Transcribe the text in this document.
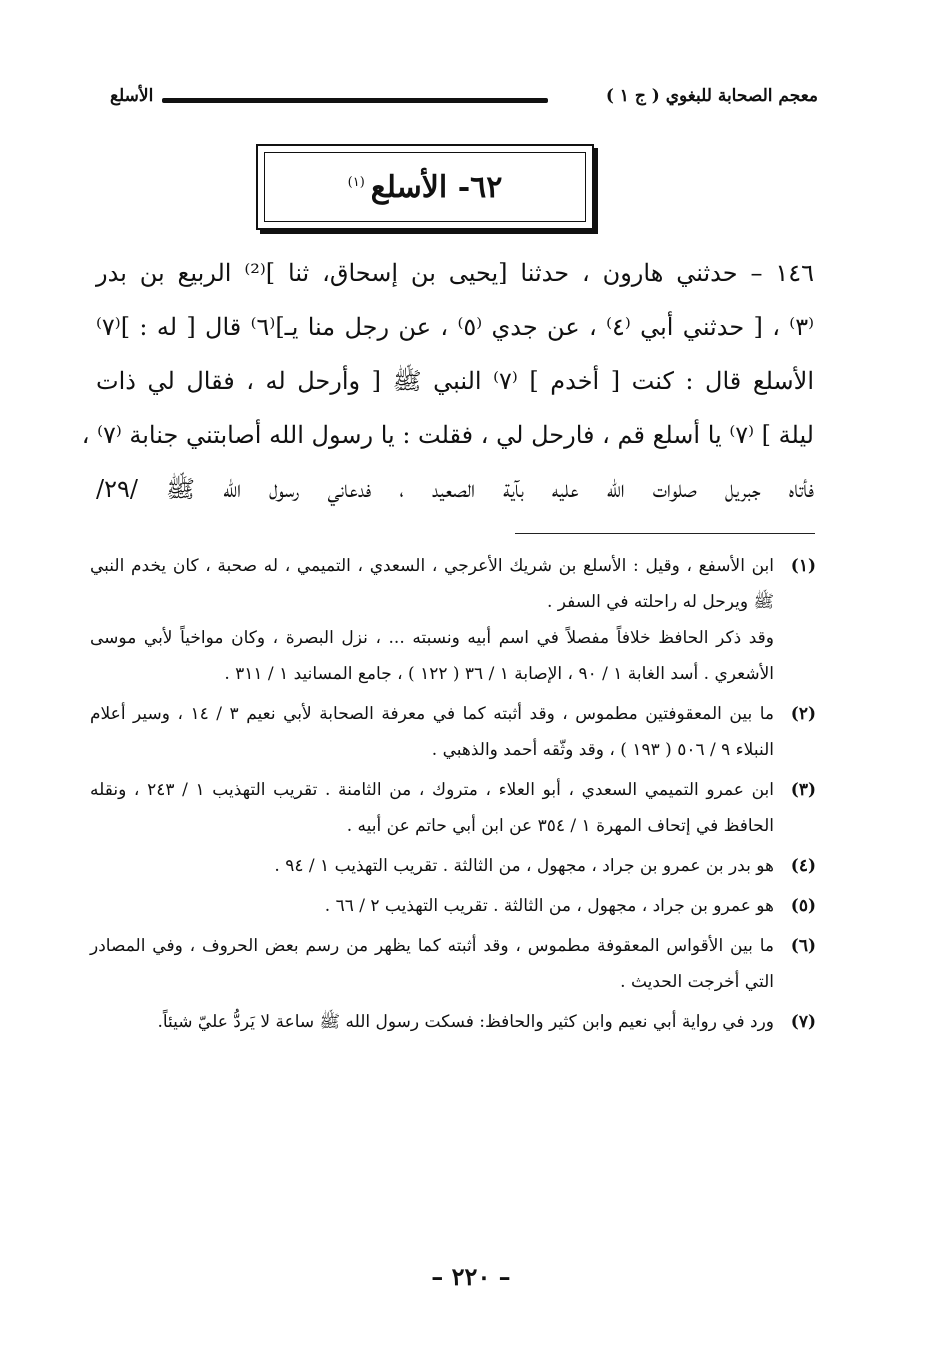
معجم الصحابة للبغوي ( ج ١ )
الأسلع
٦٢- الأسلع$^{(١)}$
١٤٦ – حدثني هارون ، حدثنا [يحيى بن إسحاق، ثنا ]⁽²⁾ الربيع بن بدر
⁽٣⁾ ، [ حدثني أبي ⁽٤⁾ ، عن جدي ⁽٥⁾ ، عن رجل منا يـ]⁽٦⁾ قال [ له : ]⁽٧⁾
الأسلع قال : كنت [ أخدم ] ⁽٧⁾ النبي ﷺ [ وأرحل له ، فقال لي ذات
ليلة ] ⁽٧⁾ يا أسلع قم ، فارحل لي ، فقلت : يا رسول الله أصابتني جنابة ⁽٧⁾ ،
فأتاه جبريل صلوات الله عليه بآية الصعيد ، فدعاني رسول الله ﷺ /٢٩/
(١)
ابن الأسفع ، وقيل : الأسلع بن شريك الأعرجي ، السعدي ، التميمي ، له صحبة ، كان يخدم النبي ﷺ ويرحل له راحلته في السفر .
وقد ذكر الحافظ خلافاً مفصلاً في اسم أبيه ونسبته ... ، نزل البصرة ، وكان مواخياً لأبي موسى الأشعري . أسد الغابة ١ / ٩٠ ، الإصابة ١ / ٣٦ ( ١٢٢ ) ، جامع المسانيد ١ / ٣١١ .
(٢)
ما بين المعقوفتين مطموس ، وقد أثبته كما في معرفة الصحابة لأبي نعيم ٣ / ١٤ ، وسير أعلام النبلاء ٩ / ٥٠٦ ( ١٩٣ ) ، وقد وثّقه أحمد والذهبي .
(٣)
ابن عمرو التميمي السعدي ، أبو العلاء ، متروك ، من الثامنة . تقريب التهذيب ١ / ٢٤٣ ، ونقله الحافظ في إتحاف المهرة ١ / ٣٥٤ عن ابن أبي حاتم عن أبيه .
(٤)
هو بدر بن عمرو بن جراد ، مجهول ، من الثالثة . تقريب التهذيب ١ / ٩٤ .
(٥)
هو عمرو بن جراد ، مجهول ، من الثالثة . تقريب التهذيب ٢ / ٦٦ .
(٦)
ما بين الأقواس المعقوفة مطموس ، وقد أثبته كما يظهر من رسم بعض الحروف ، وفي المصادر التي أخرجت الحديث .
(٧)
ورد في رواية أبي نعيم وابن كثير والحافظ: فسكت رسول الله ﷺ ساعة لا يَردُّ عليّ شيئاً.
– ٢٢٠ –
